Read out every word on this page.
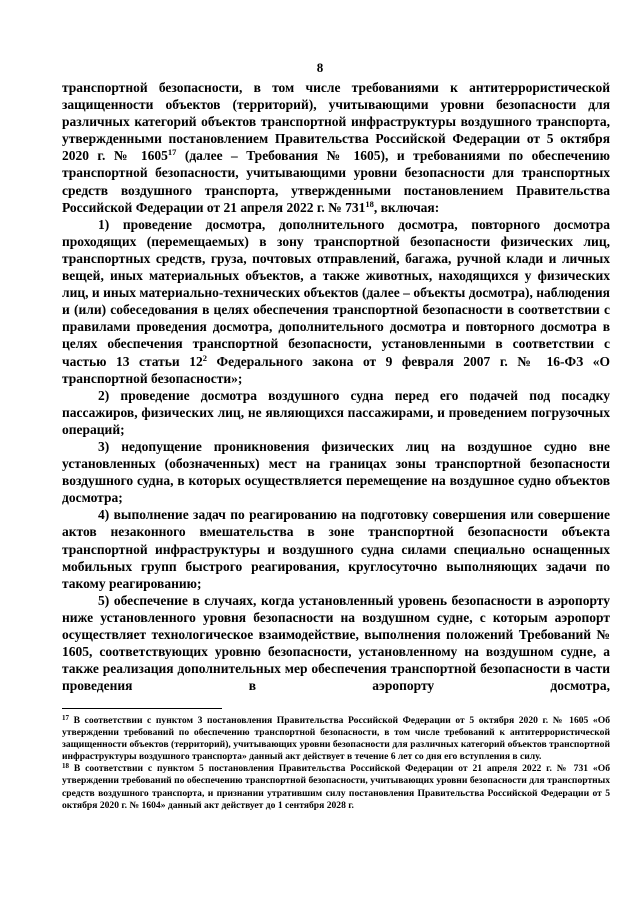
8

транспортной безопасности, в том числе требованиями к антитеррористической защищенности объектов (территорий), учитывающими уровни безопасности для различных категорий объектов транспортной инфраструктуры воздушного транспорта, утвержденными постановлением Правительства Российской Федерации от 5 октября 2020 г. № 1605$^{17}$ (далее – Требования № 1605), и требованиями по обеспечению транспортной безопасности, учитывающими уровни безопасности для транспортных средств воздушного транспорта, утвержденными постановлением Правительства Российской Федерации от 21 апреля 2022 г. № $731^{18}$, включая:

1) проведение досмотра, дополнительного досмотра, повторного досмотра проходящих (перемещаемых) в зону транспортной безопасности физических лиц, транспортных средств, груза, почтовых отправлений, багажа, ручной клади и личных вещей, иных материальных объектов, а также животных, находящихся у физических лиц, и иных материально-технических объектов (далее – объекты досмотра), наблюдения и (или) собеседования в целях обеспечения транспортной безопасности в соответствии с правилами проведения досмотра, дополнительного досмотра и повторного досмотра в целях обеспечения транспортной безопасности, установленными в соответствии с частью 13 статьи $12^2$ Федерального закона от 9 февраля 2007 г. № 16-ФЗ «О транспортной безопасности»;

2) проведение досмотра воздушного судна перед его подачей под посадку пассажиров, физических лиц, не являющихся пассажирами, и проведением погрузочных операций;

3) недопущение проникновения физических лиц на воздушное судно вне установленных (обозначенных) мест на границах зоны транспортной безопасности воздушного судна, в которых осуществляется перемещение на воздушное судно объектов досмотра;

4) выполнение задач по реагированию на подготовку совершения или совершение актов незаконного вмешательства в зоне транспортной безопасности объекта транспортной инфраструктуры и воздушного судна силами специально оснащенных мобильных групп быстрого реагирования, круглосуточно выполняющих задачи по такому реагированию;

5) обеспечение в случаях, когда установленный уровень безопасности в аэропорту ниже установленного уровня безопасности на воздушном судне, с которым аэропорт осуществляет технологическое взаимодействие, выполнения положений Требований № 1605, соответствующих уровню безопасности, установленному на воздушном судне, а также реализация дополнительных мер обеспечения транспортной безопасности в части проведения в аэропорту досмотра,

$^{17}$ В соответствии с пунктом 3 постановления Правительства Российской Федерации от 5 октября 2020 г. № 1605 «Об утверждении требований по обеспечению транспортной безопасности, в том числе требований к антитеррористической защищенности объектов (территорий), учитывающих уровни безопасности для различных категорий объектов транспортной инфраструктуры воздушного транспорта» данный акт действует в течение 6 лет со дня его вступления в силу.

$^{18}$ В соответствии с пунктом 5 постановления Правительства Российской Федерации от 21 апреля 2022 г. № 731 «Об утверждении требований по обеспечению транспортной безопасности, учитывающих уровни безопасности для транспортных средств воздушного транспорта, и признании утратившим силу постановления Правительства Российской Федерации от 5 октября 2020 г. № 1604» данный акт действует до 1 сентября 2028 г.
